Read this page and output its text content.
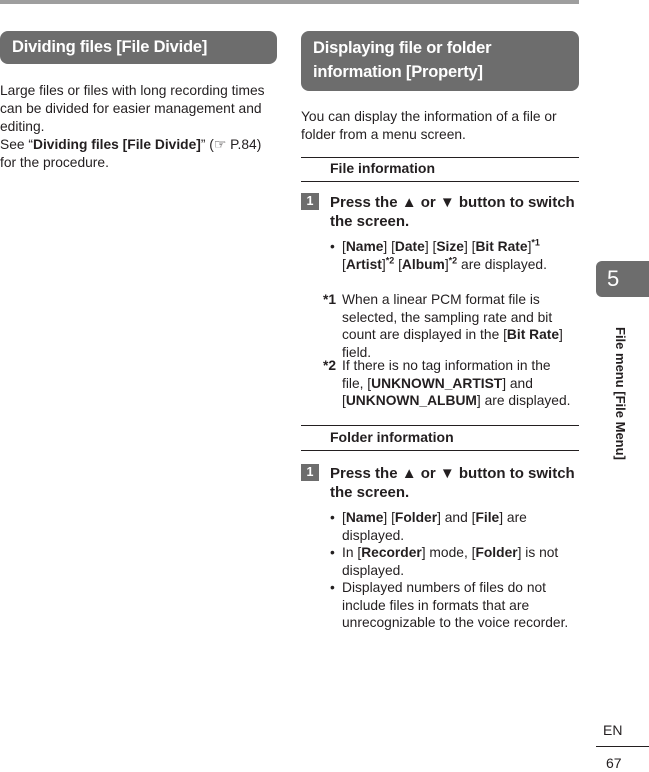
Dividing files [File Divide]
Large files or files with long recording times can be divided for easier management and editing.
See “Dividing files [File Divide]” (☞ P.84)
for the procedure.
Displaying file or folder
information [Property]
You can display the information of a file or folder from a menu screen.
File information
1	Press the ▲ or ▼ button to switch
the screen.
• [Name] [Date] [Size] [Bit Rate]$^{*1}$
[Artist]$^{*2}$ [Album]$^{*2}$ are displayed.
*1 When a linear PCM format file is selected, the sampling rate and bit count are displayed in the [Bit Rate] field.
*2 If there is no tag information in the file, [UNKNOWN_ARTIST] and [UNKNOWN_ALBUM] are displayed.
Folder information
1	Press the ▲ or ▼ button to switch
the screen.
• [Name] [Folder] and [File] are displayed.
• In [Recorder] mode, [Folder] is not displayed.
• Displayed numbers of files do not include files in formats that are unrecognizable to the voice recorder.
5
File menu [File Menu]
EN
67
